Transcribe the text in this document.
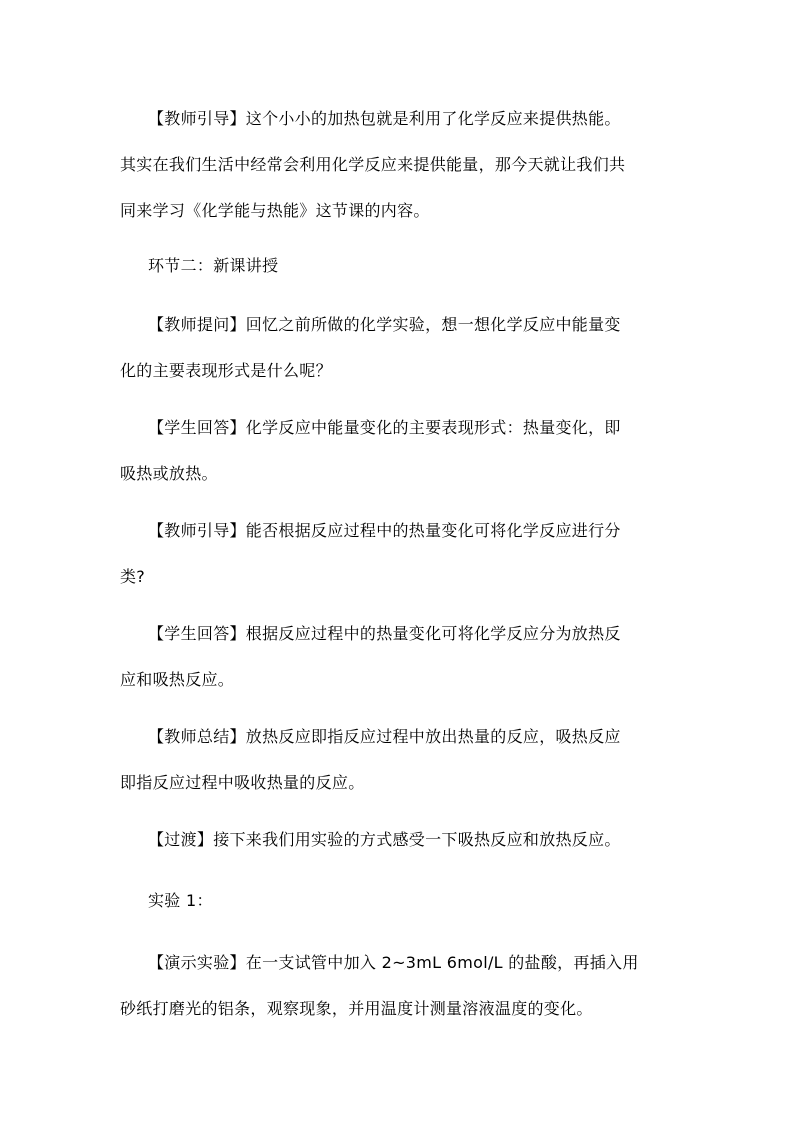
【教师引导】这个小小的加热包就是利用了化学反应来提供热能。
其实在我们生活中经常会利用化学反应来提供能量，那今天就让我们共
同来学习《化学能与热能》这节课的内容。
环节二：新课讲授
【教师提问】回忆之前所做的化学实验，想一想化学反应中能量变
化的主要表现形式是什么呢？
【学生回答】化学反应中能量变化的主要表现形式：热量变化，即
吸热或放热。
【教师引导】能否根据反应过程中的热量变化可将化学反应进行分
类?
【学生回答】根据反应过程中的热量变化可将化学反应分为放热反
应和吸热反应。
【教师总结】放热反应即指反应过程中放出热量的反应，吸热反应
即指反应过程中吸收热量的反应。
【过渡】接下来我们用实验的方式感受一下吸热反应和放热反应。
实验 1：
【演示实验】在一支试管中加入 2~3mL 6mol/L 的盐酸，再插入用
砂纸打磨光的铝条，观察现象，并用温度计测量溶液温度的变化。
